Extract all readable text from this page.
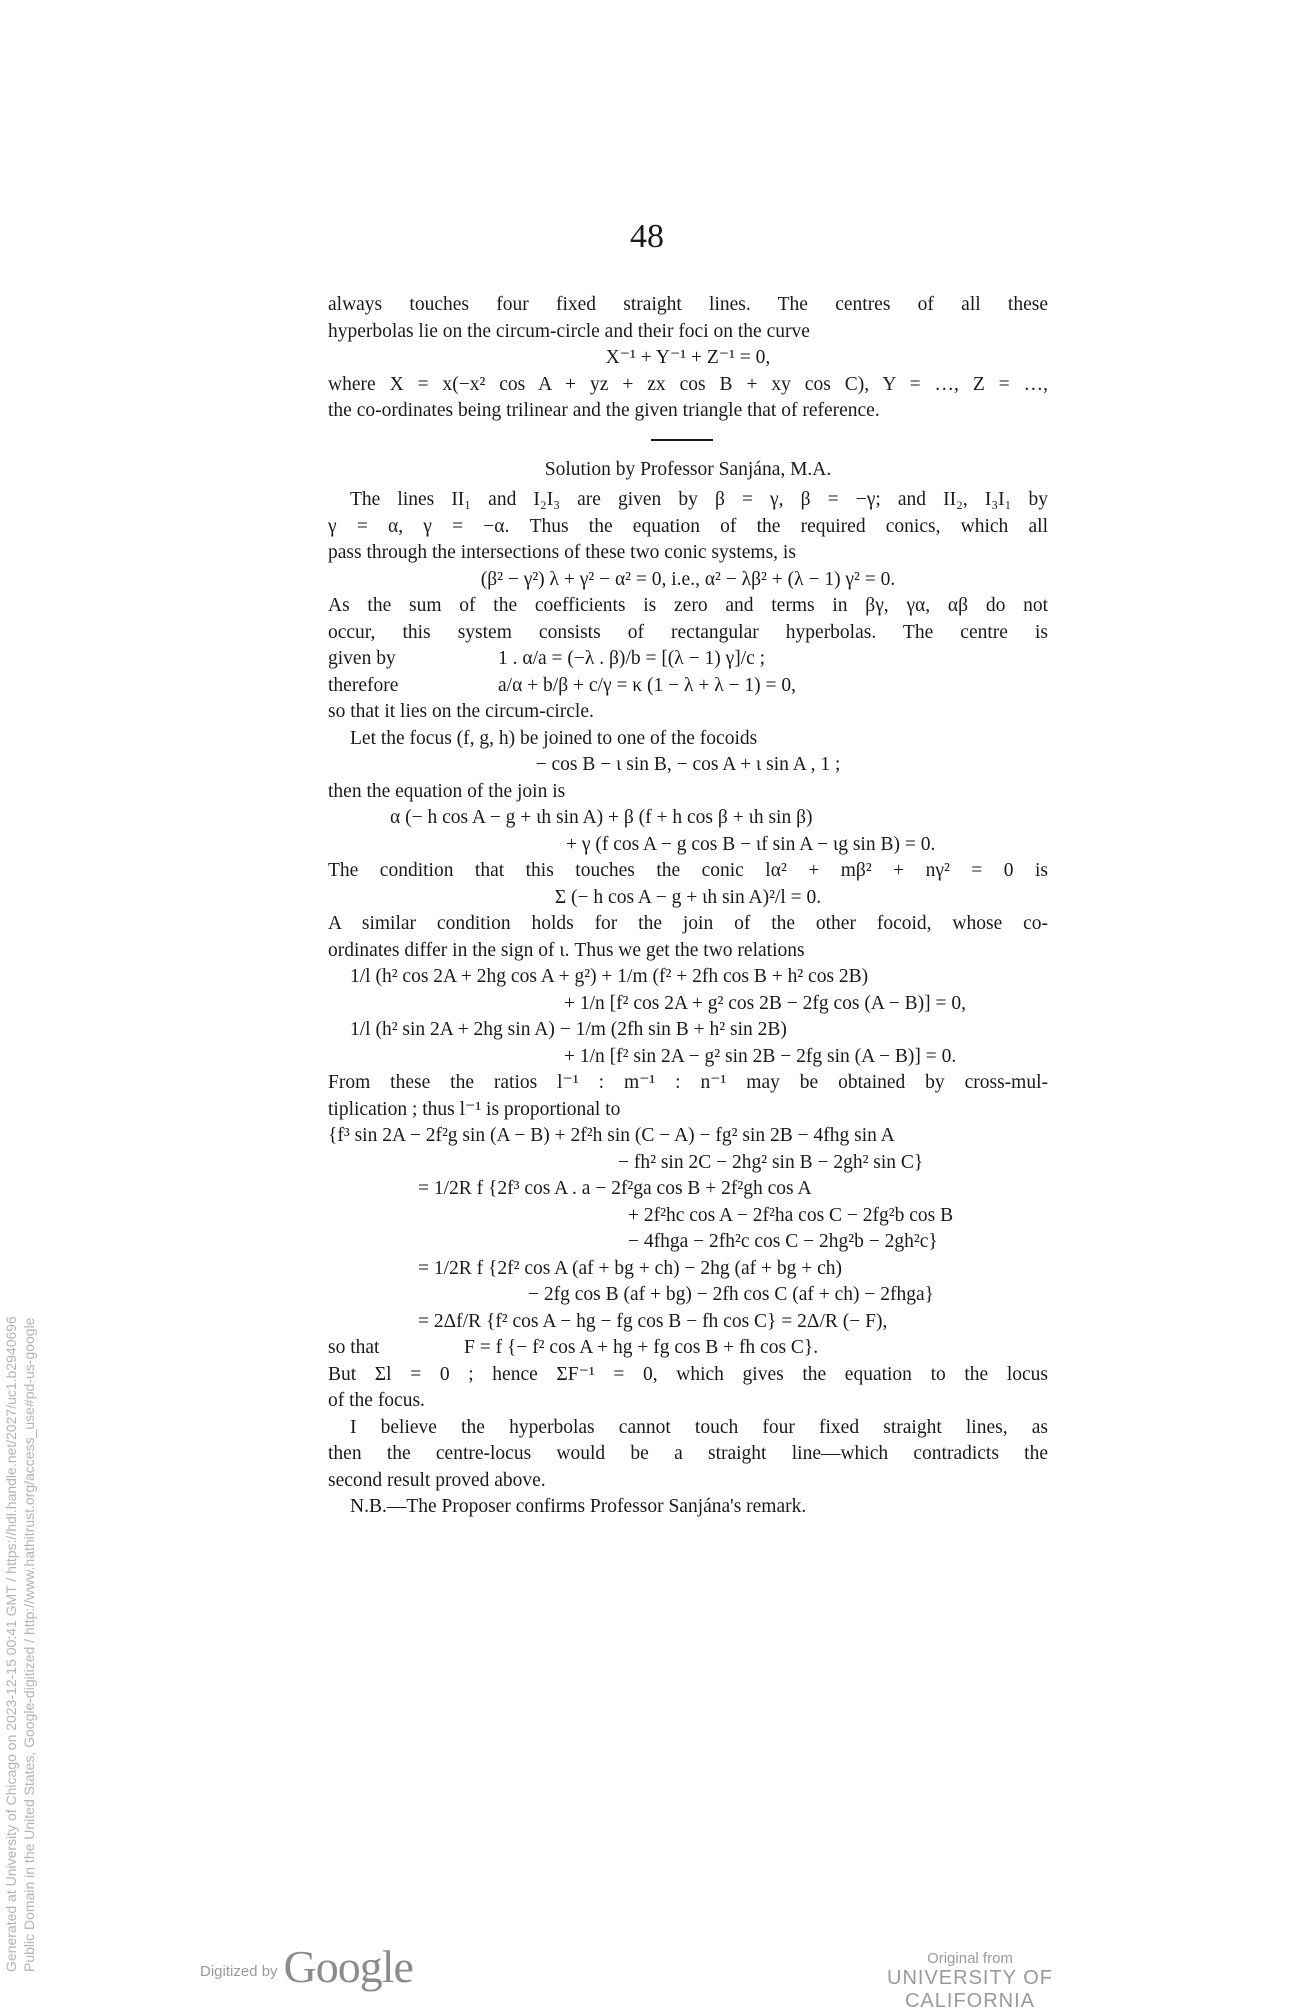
48
always touches four fixed straight lines. The centres of all these
hyperbolas lie on the circum-circle and their foci on the curve
X⁻¹ + Y⁻¹ + Z⁻¹ = 0,
where X = x(−x² cos A + yz + zx cos B + xy cos C), Y = …, Z = …,
the co-ordinates being trilinear and the given triangle that of reference.
Solution by Professor Sanjána, M.A.
The lines II₁ and I₂I₃ are given by β = γ, β = −γ; and II₂, I₃I₁ by
γ = α, γ = −α. Thus the equation of the required conics, which all
pass through the intersections of these two conic systems, is
(β² − γ²) λ + γ² − α² = 0, i.e., α² − λβ² + (λ − 1) γ² = 0.
As the sum of the coefficients is zero and terms in βγ, γα, αβ do not
occur, this system consists of rectangular hyperbolas. The centre is
given by	1 . α/a = (−λ . β)/b = [(λ − 1) γ]/c ;
therefore	a/α + b/β + c/γ = κ (1 − λ + λ − 1) = 0,
so that it lies on the circum-circle.
Let the focus (f, g, h) be joined to one of the focoids
− cos B − ι sin B, − cos A + ι sin A , 1 ;
then the equation of the join is
α (− h cos A − g + ιh sin A) + β (f + h cos β + ιh sin β)
+ γ (f cos A − g cos B − ιf sin A − ιg sin B) = 0.
The condition that this touches the conic lα² + mβ² + nγ² = 0 is
Σ (− h cos A − g + ιh sin A)²/l = 0.
A similar condition holds for the join of the other focoid, whose co-
ordinates differ in the sign of ι. Thus we get the two relations
1/l (h² cos 2A + 2hg cos A + g²) + 1/m (f² + 2fh cos B + h² cos 2B)
+ 1/n [f² cos 2A + g² cos 2B − 2fg cos (A − B)] = 0,
1/l (h² sin 2A + 2hg sin A) − 1/m (2fh sin B + h² sin 2B)
+ 1/n [f² sin 2A − g² sin 2B − 2fg sin (A − B)] = 0.
From these the ratios l⁻¹ : m⁻¹ : n⁻¹ may be obtained by cross-mul-
tiplication ; thus l⁻¹ is proportional to
{f³ sin 2A − 2f²g sin (A − B) + 2f²h sin (C − A) − fg² sin 2B − 4fhg sin A
− fh² sin 2C − 2hg² sin B − 2gh² sin C}
= 1/2R f {2f³ cos A . a − 2f²ga cos B + 2f²gh cos A
+ 2f²hc cos A − 2f²ha cos C − 2fg²b cos B
− 4fhga − 2fh²c cos C − 2hg²b − 2gh²c}
= 1/2R f {2f² cos A (af + bg + ch) − 2hg (af + bg + ch)
− 2fg cos B (af + bg) − 2fh cos C (af + ch) − 2fhga}
= 2Δf/R {f² cos A − hg − fg cos B − fh cos C} = 2Δ/R (− F),
so that	F = f {− f² cos A + hg + fg cos B + fh cos C}.
But Σl = 0 ; hence ΣF⁻¹ = 0, which gives the equation to the locus
of the focus.
I believe the hyperbolas cannot touch four fixed straight lines, as
then the centre-locus would be a straight line—which contradicts the
second result proved above.
N.B.—The Proposer confirms Professor Sanjána's remark.
Generated at University of Chicago on 2023-12-15 00:41 GMT / https://hdl.handle.net/2027/uc1.b2940696 Public Domain in the United States, Google-digitized / http://www.hathitrust.org/access_use#pd-us-google	Digitized by Google	Original from
UNIVERSITY OF CALIFORNIA
